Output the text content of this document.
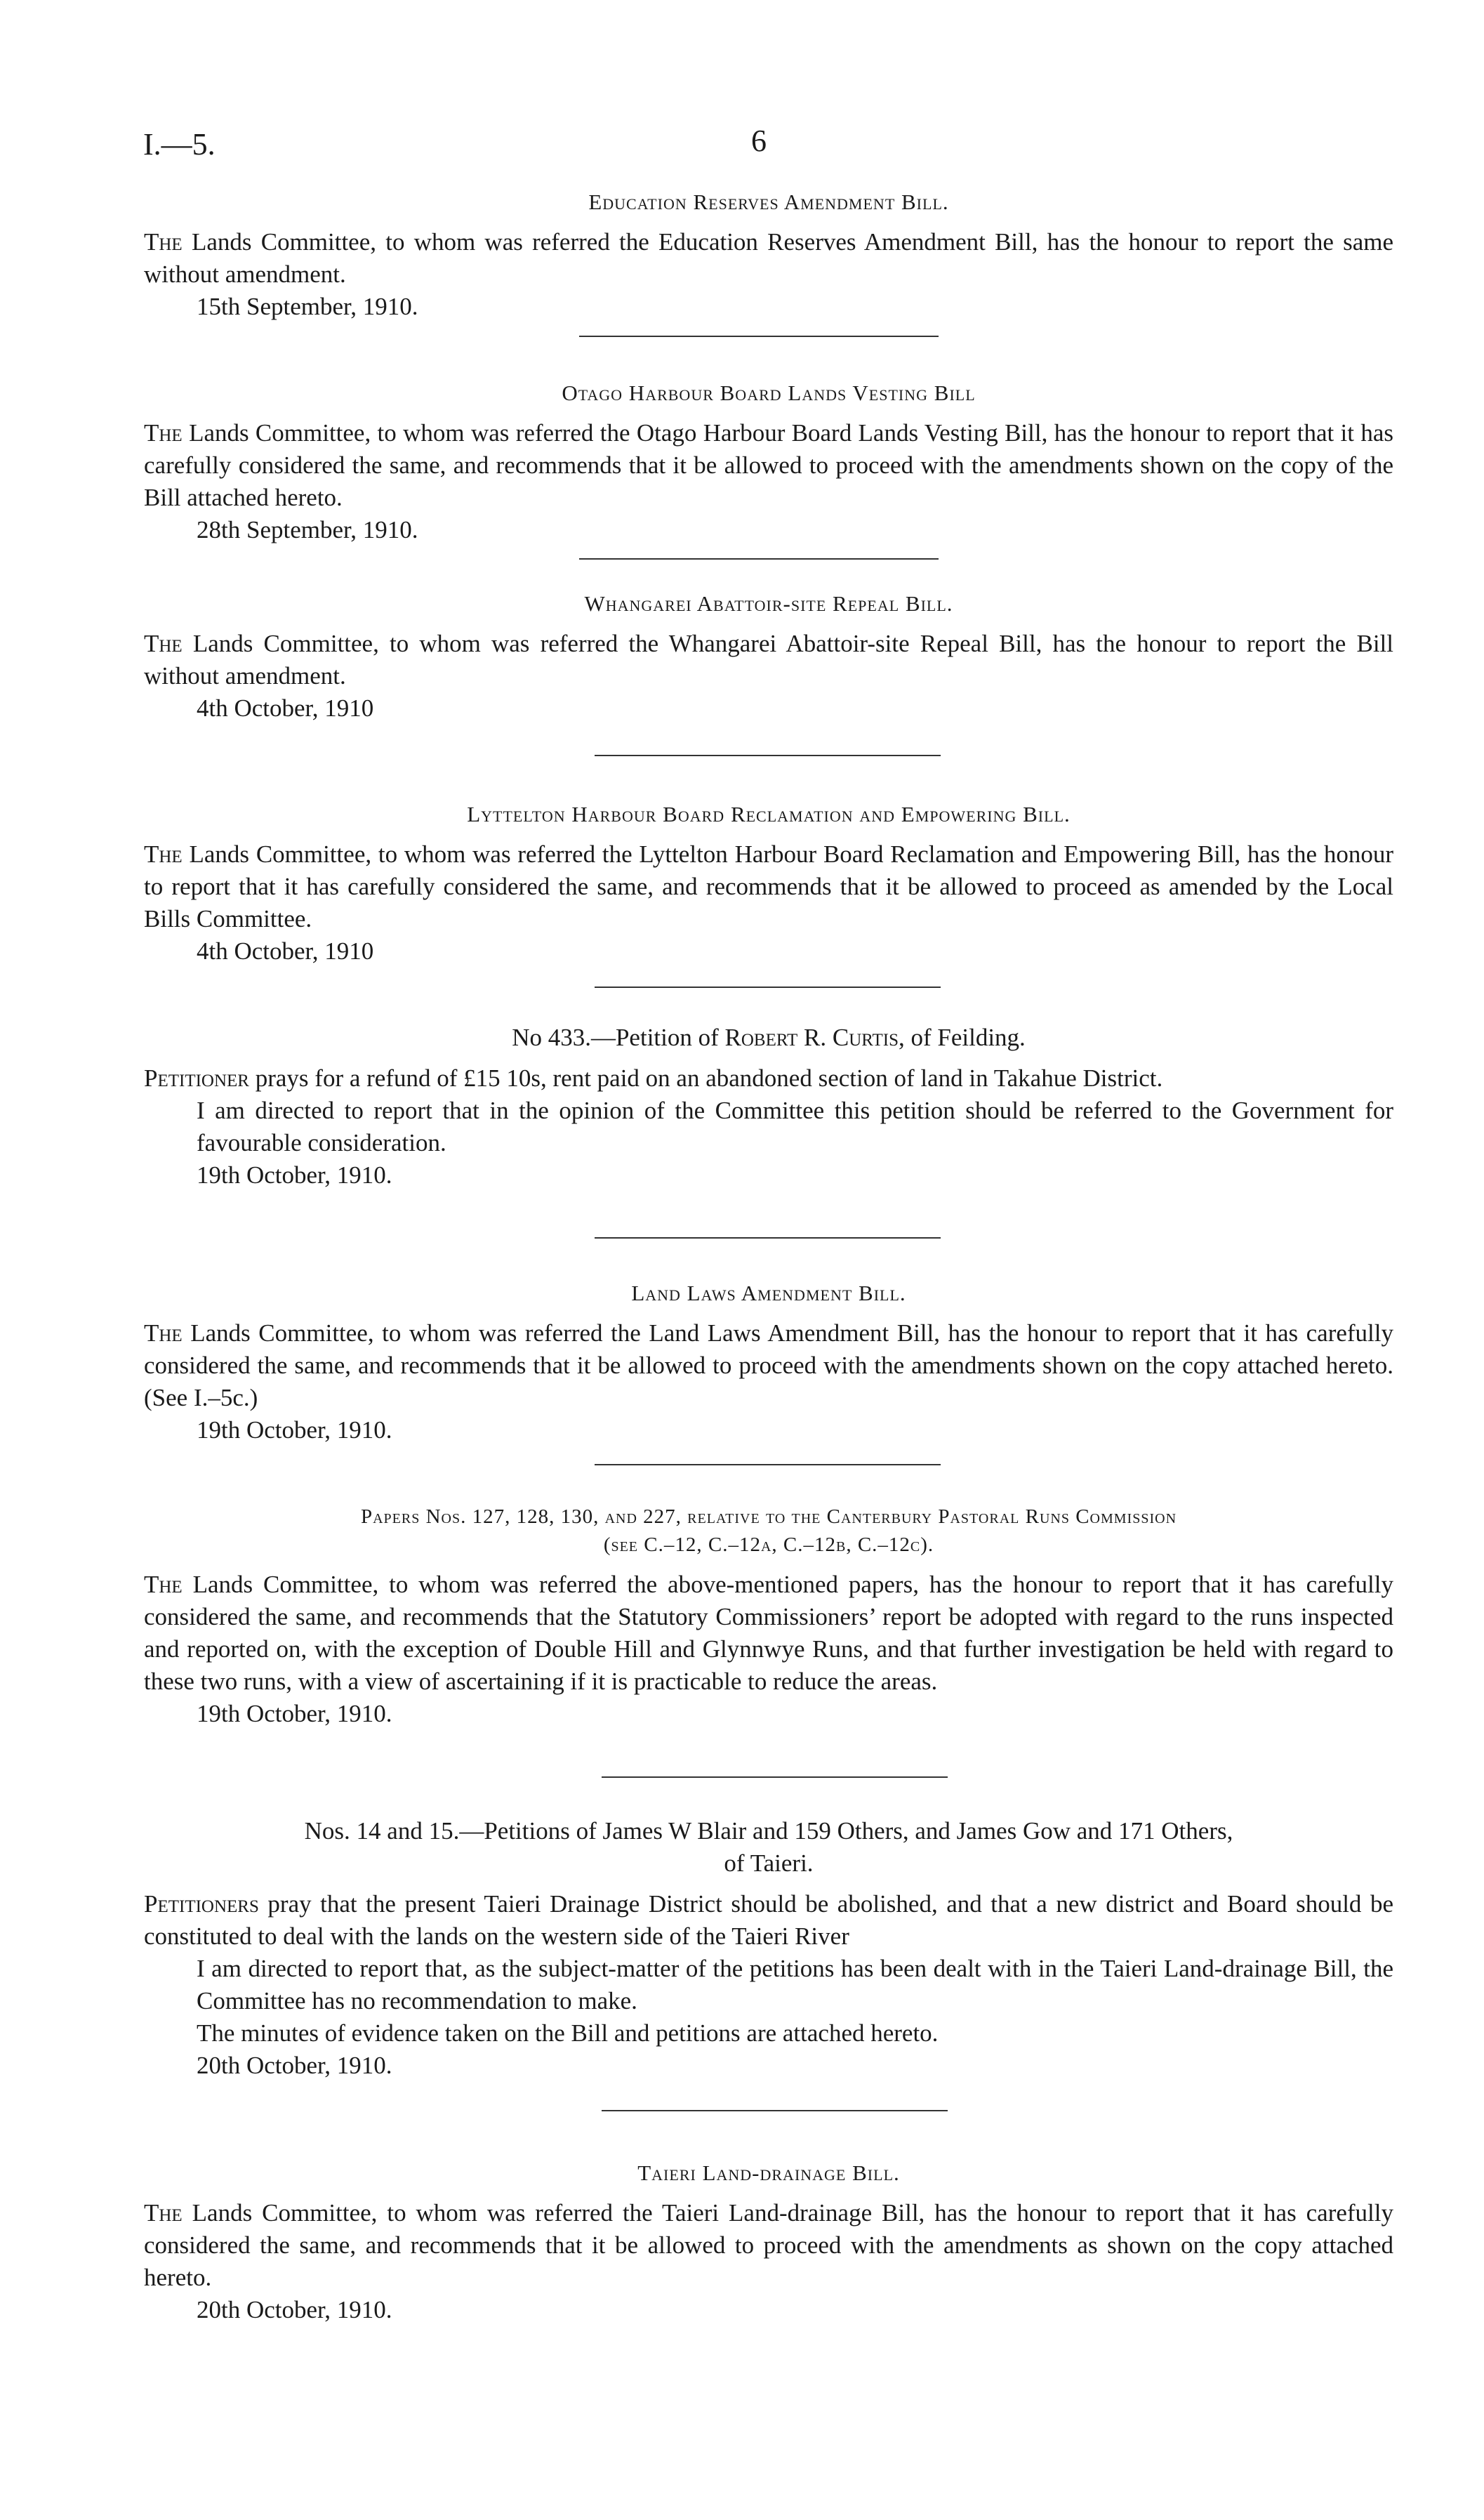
I.—5.	6

Education Reserves Amendment Bill.

The Lands Committee, to whom was referred the Education Reserves Amendment Bill, has the honour to report the same without amendment.

15th September, 1910.

Otago Harbour Board Lands Vesting Bill

The Lands Committee, to whom was referred the Otago Harbour Board Lands Vesting Bill, has the honour to report that it has carefully considered the same, and recommends that it be allowed to proceed with the amendments shown on the copy of the Bill attached hereto.

28th September, 1910.

Whangarei Abattoir-site Repeal Bill.

The Lands Committee, to whom was referred the Whangarei Abattoir-site Repeal Bill, has the honour to report the Bill without amendment.

4th October, 1910

Lyttelton Harbour Board Reclamation and Empowering Bill.

The Lands Committee, to whom was referred the Lyttelton Harbour Board Reclamation and Empowering Bill, has the honour to report that it has carefully considered the same, and recommends that it be allowed to proceed as amended by the Local Bills Committee.

4th October, 1910

No 433.—Petition of Robert R. Curtis, of Feilding.

Petitioner prays for a refund of £15 10s, rent paid on an abandoned section of land in Takahue District.

I am directed to report that in the opinion of the Committee this petition should be referred to the Government for favourable consideration.

19th October, 1910.

Land Laws Amendment Bill.

The Lands Committee, to whom was referred the Land Laws Amendment Bill, has the honour to report that it has carefully considered the same, and recommends that it be allowed to proceed with the amendments shown on the copy attached hereto. (See I.–5c.)

19th October, 1910.

Papers Nos. 127, 128, 130, and 227, relative to the Canterbury Pastoral Runs Commission

(see C.–12, C.–12a, C.–12b, C.–12c).

The Lands Committee, to whom was referred the above-mentioned papers, has the honour to report that it has carefully considered the same, and recommends that the Statutory Commissioners’ report be adopted with regard to the runs inspected and reported on, with the exception of Double Hill and Glynnwye Runs, and that further investigation be held with regard to these two runs, with a view of ascertaining if it is practicable to reduce the areas.

19th October, 1910.

Nos. 14 and 15.—Petitions of James W Blair and 159 Others, and James Gow and 171 Others,

of Taieri.

Petitioners pray that the present Taieri Drainage District should be abolished, and that a new district and Board should be constituted to deal with the lands on the western side of the Taieri River

I am directed to report that, as the subject-matter of the petitions has been dealt with in the Taieri Land-drainage Bill, the Committee has no recommendation to make.

The minutes of evidence taken on the Bill and petitions are attached hereto.

20th October, 1910.

Taieri Land-drainage Bill.

The Lands Committee, to whom was referred the Taieri Land-drainage Bill, has the honour to report that it has carefully considered the same, and recommends that it be allowed to proceed with the amendments as shown on the copy attached hereto.

20th October, 1910.
